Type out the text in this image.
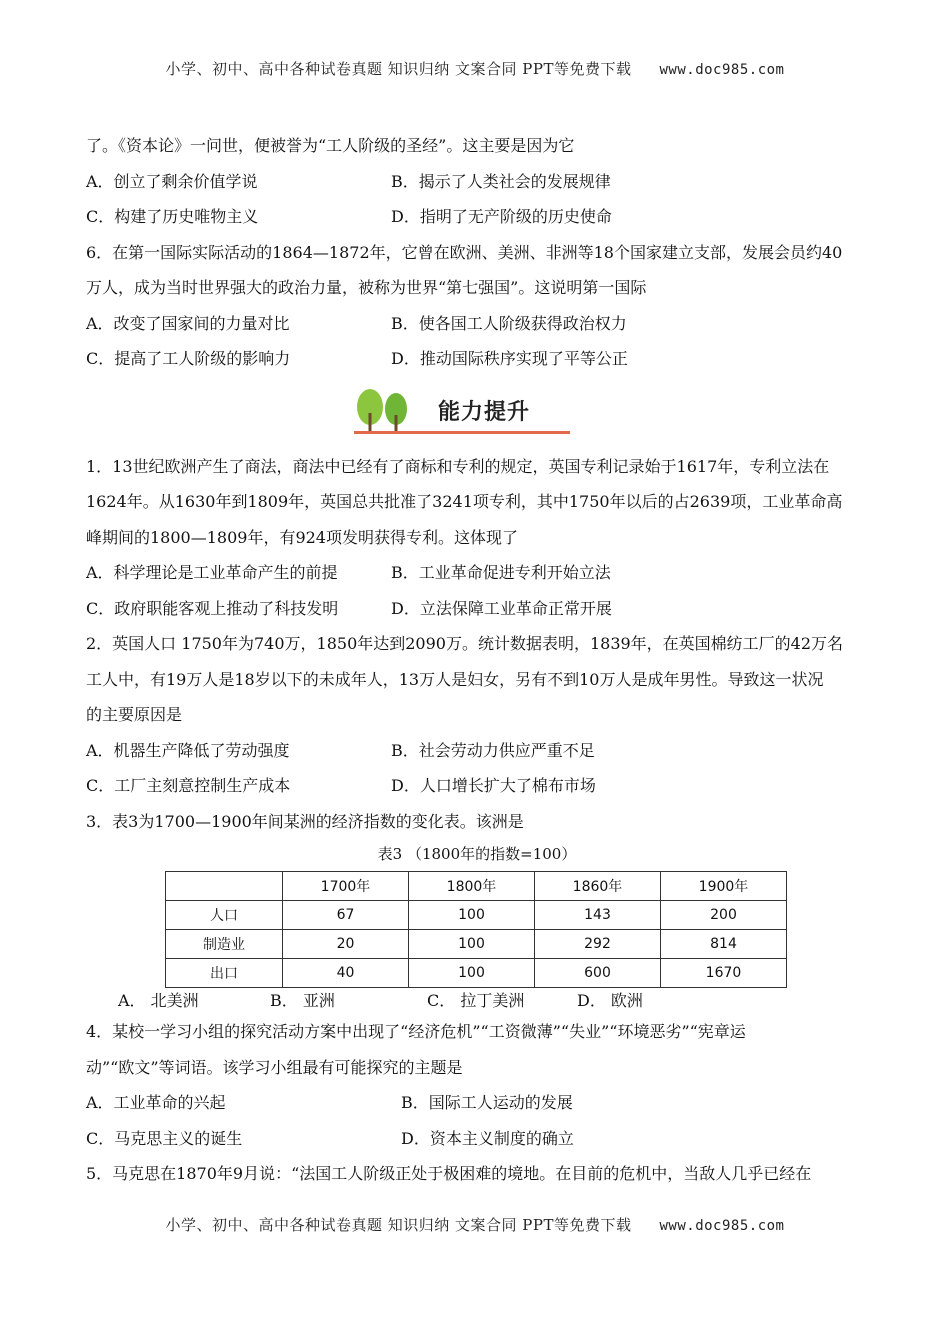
小学、初中、高中各种试卷真题 知识归纳 文案合同 PPT等免费下载 www.doc985.com
了。《资本论》一问世，便被誉为“工人阶级的圣经”。这主要是因为它
A．创立了剩余价值学说	B．揭示了人类社会的发展规律
C．构建了历史唯物主义	D．指明了无产阶级的历史使命
6．在第一国际实际活动的1864—1872年，它曾在欧洲、美洲、非洲等18个国家建立支部，发展会员约40
万人，成为当时世界强大的政治力量，被称为世界“第七强国”。这说明第一国际
A．改变了国家间的力量对比	B．使各国工人阶级获得政治权力
C．提高了工人阶级的影响力	D．推动国际秩序实现了平等公正
能力提升
1．13世纪欧洲产生了商法，商法中已经有了商标和专利的规定，英国专利记录始于1617年，专利立法在
1624年。从1630年到1809年，英国总共批准了3241项专利，其中1750年以后的占2639项，工业革命高
峰期间的1800—1809年，有924项发明获得专利。这体现了
A．科学理论是工业革命产生的前提	B．工业革命促进专利开始立法
C．政府职能客观上推动了科技发明	D．立法保障工业革命正常开展
2．英国人口 1750年为740万，1850年达到2090万。统计数据表明，1839年，在英国棉纺工厂的42万名
工人中，有19万人是18岁以下的未成年人，13万人是妇女，另有不到10万人是成年男性。导致这一状况
的主要原因是
A．机器生产降低了劳动强度	B．社会劳动力供应严重不足
C．工厂主刻意控制生产成本	D．人口增长扩大了棉布市场
3．表3为1700—1900年间某洲的经济指数的变化表。该洲是
表3 （1800年的指数=100）
	1700年	1800年	1860年	1900年
人口	67	100	143	200
制造业	20	100	292	814
出口	40	100	600	1670
A． 北美洲	B． 亚洲	C． 拉丁美洲	D． 欧洲
4．某校一学习小组的探究活动方案中出现了“经济危机”“工资微薄”“失业”“环境恶劣”“宪章运
动”“欧文”等词语。该学习小组最有可能探究的主题是
A．工业革命的兴起	B．国际工人运动的发展
C．马克思主义的诞生	D．资本主义制度的确立
5．马克思在1870年9月说：“法国工人阶级正处于极困难的境地。在目前的危机中，当敌人几乎已经在
小学、初中、高中各种试卷真题 知识归纳 文案合同 PPT等免费下载 www.doc985.com
